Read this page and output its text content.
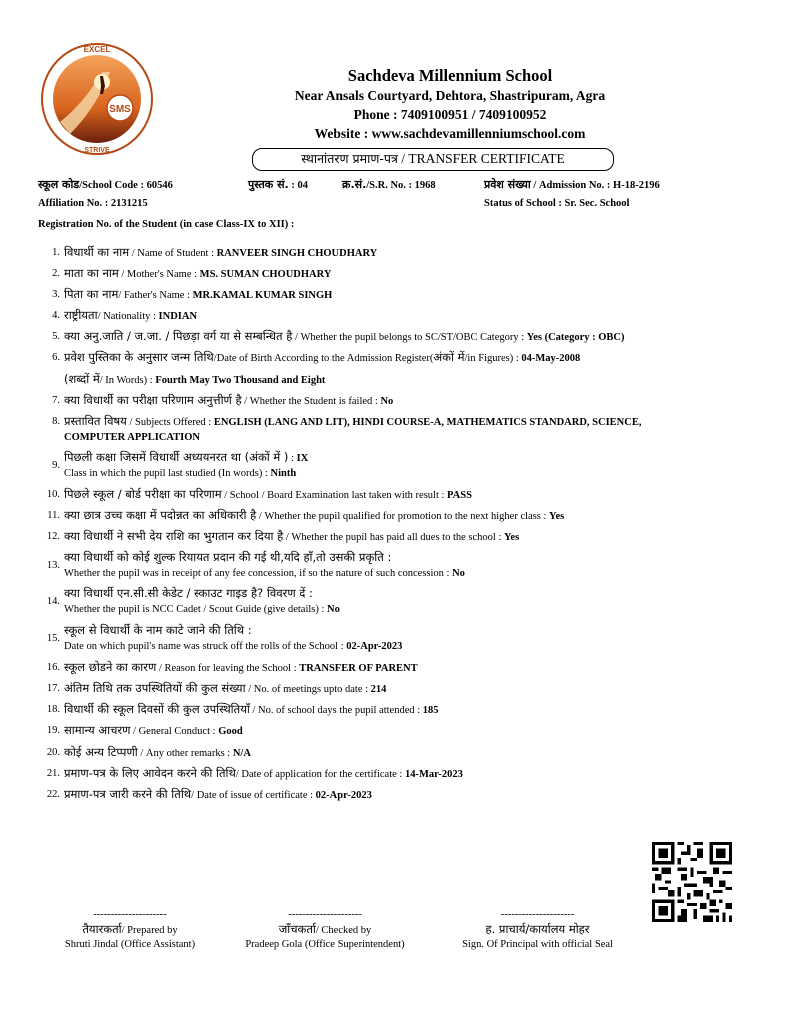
SMS
EXCEL
STRIVE
Sachdeva Millennium School
Near Ansals Courtyard, Dehtora, Shastripuram, Agra
Phone : 7409100951 / 7409100952
Website : www.sachdevamillenniumschool.com
स्थानांतरण प्रमाण-पत्र / TRANSFER CERTIFICATE
स्कूल कोड/School Code : 60546	पुस्तक सं. : 04	क्र.सं./S.R. No. : 1968	प्रवेश संख्या / Admission No. : H-18-2196
Affiliation No. : 2131215	Status of School : Sr. Sec. School
Registration No. of the Student (in case Class-IX to XII) :
1. विधार्थी का नाम / Name of Student : RANVEER SINGH CHOUDHARY
2. माता का नाम / Mother's Name : MS. SUMAN CHOUDHARY
3. पिता का नाम/ Father's Name : MR.KAMAL KUMAR SINGH
4. राष्ट्रीयता/ Nationality : INDIAN
5. क्या अनु.जाति / ज.जा. / पिछड़ा वर्ग या से सम्बन्धित है / Whether the pupil belongs to SC/ST/OBC Category : Yes (Category : OBC)
6. प्रवेश पुस्तिका के अनुसार जन्म तिथि/Date of Birth According to the Admission Register(अंकों में/in Figures) : 04-May-2008
(शब्दों में/ In Words) : Fourth May Two Thousand and Eight
7. क्या विधार्थी का परीक्षा परिणाम अनुत्तीर्ण है / Whether the Student is failed : No
8. प्रस्तावित विषय / Subjects Offered : ENGLISH (LANG AND LIT), HINDI COURSE-A, MATHEMATICS STANDARD, SCIENCE,
COMPUTER APPLICATION
9.
पिछली कक्षा जिसमें विधार्थी अध्ययनरत था (अंकों में ) : IX
Class in which the pupil last studied (In words) : Ninth
10. पिछले स्कूल / बोर्ड परीक्षा का परिणाम / School / Board Examination last taken with result : PASS
11. क्या छात्र उच्च कक्षा में पदोन्नत का अधिकारी है / Whether the pupil qualified for promotion to the next higher class : Yes
12. क्या विधार्थी ने सभी देय राशि का भुगतान कर दिया है / Whether the pupil has paid all dues to the school : Yes
13.
क्या विधार्थी को कोई शुल्क रियायत प्रदान की गई थी,यदि हाँ,तो उसकी प्रकृति :
Whether the pupil was in receipt of any fee concession, if so the nature of such concession : No
14.
क्या विधार्थी एन.सी.सी केडेट / स्काउट गाइड है? विवरण दें :
Whether the pupil is NCC Cadet / Scout Guide (give details) : No
15.
स्कूल से विधार्थी के नाम काटे जाने की तिथि :
Date on which pupil's name was struck off the rolls of the School : 02-Apr-2023
16. स्कूल छोडने का कारण / Reason for leaving the School : TRANSFER OF PARENT
17. अंतिम तिथि तक उपस्थितियों की कुल संख्या / No. of meetings upto date : 214
18. विधार्थी की स्कूल दिवसों की कुल उपस्थितियाँ / No. of school days the pupil attended : 185
19. सामान्य आचरण / General Conduct : Good
20. कोई अन्य टिप्पणी / Any other remarks : N/A
21. प्रमाण-पत्र के लिए आवेदन करने की तिथि/ Date of application for the certificate : 14-Mar-2023
22. प्रमाण-पत्र जारी करने की तिथि/ Date of issue of certificate : 02-Apr-2023
---------------------
तैयारकर्ता/ Prepared by
Shruti Jindal (Office Assistant)
---------------------
जाँचकर्ता/ Checked by
Pradeep Gola (Office Superintendent)
---------------------
ह. प्राचार्य/कार्यालय मोहर
Sign. Of Principal with official Seal
